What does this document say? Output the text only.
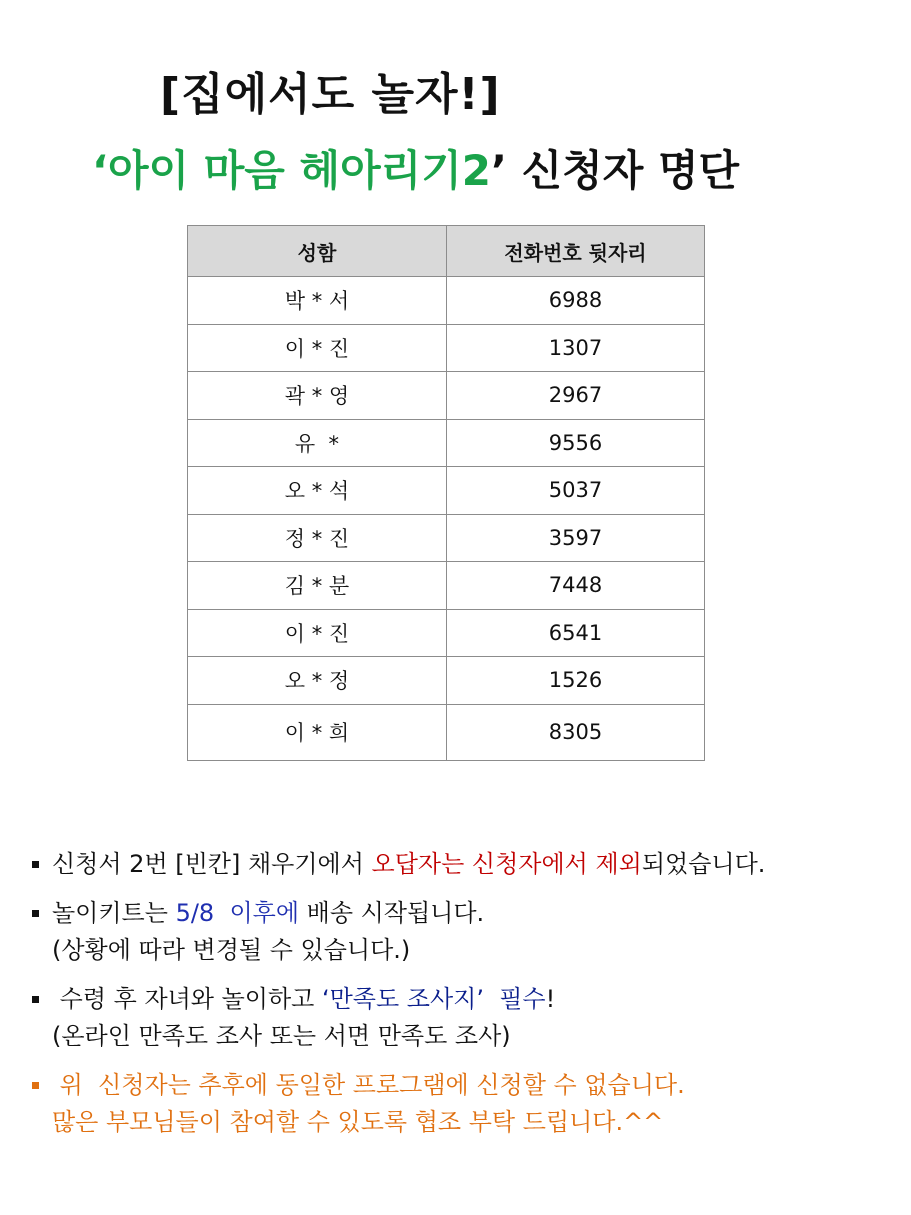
[집에서도 놀자!]
‘아이 마음 헤아리기2’ 신청자 명단
성함	전화번호 뒷자리
박 * 서	6988
이 * 진	1307
곽 * 영	2967
유  *	9556
오 * 석	5037
정 * 진	3597
김 * 분	7448
이 * 진	6541
오 * 정	1526
이 * 희	8305
신청서 2번 [빈칸] 채우기에서 오답자는 신청자에서 제외되었습니다.
놀이키트는 5/8  이후에 배송 시작됩니다.
(상황에 따라 변경될 수 있습니다.)
수령 후 자녀와 놀이하고 ‘만족도 조사지’  필수!
(온라인 만족도 조사 또는 서면 만족도 조사)
위  신청자는 추후에 동일한 프로그램에 신청할 수 없습니다.
많은 부모님들이 참여할 수 있도록 협조 부탁 드립니다.^^
